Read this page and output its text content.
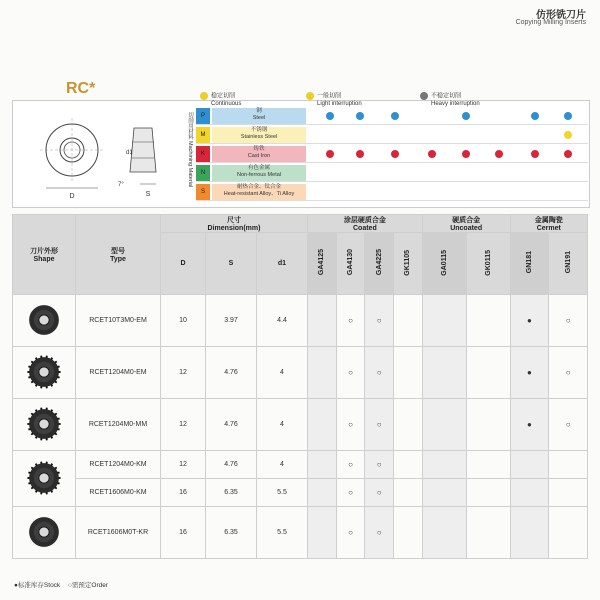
仿形铣刀片
Copying Milling Inserts
RC*
D	S
d1
7°
稳定切削
Continuous
一般切削
Light interruption
不稳定切削
Heavy interruption
切削用材料 Machining Material	P
钢
Steel
M
不锈钢
Stainless Steel
K
铸铁
Cast Iron
N
有色金属
Non-ferrous Metal
S
耐热合金、钛合金
Heat-resistant Alloy、Ti Alloy
刀片外形
Shape	型号
Type	尺寸
Dimension(mm)			涂层硬质合金
Coated				硬质合金
Uncoated		金属陶瓷
Cermet	
		D	S	d1	GA4125	GA4130	GA4225	GK1105	GA0115	GK0115	GN181	GN191
	RCET10T3M0-EM	10	3.97	4.4		○	○				●	○
	RCET1204M0-EM	12	4.76	4		○	○				●	○
	RCET1204M0-MM	12	4.76	4		○	○				●	○
	RCET1204M0-KM	12	4.76	4		○	○					
	RCET1606M0-KM	16	6.35	5.5		○	○					
	RCET1606M0T-KR	16	6.35	5.5		○	○					
●标准库存Stock ○需预定Order
